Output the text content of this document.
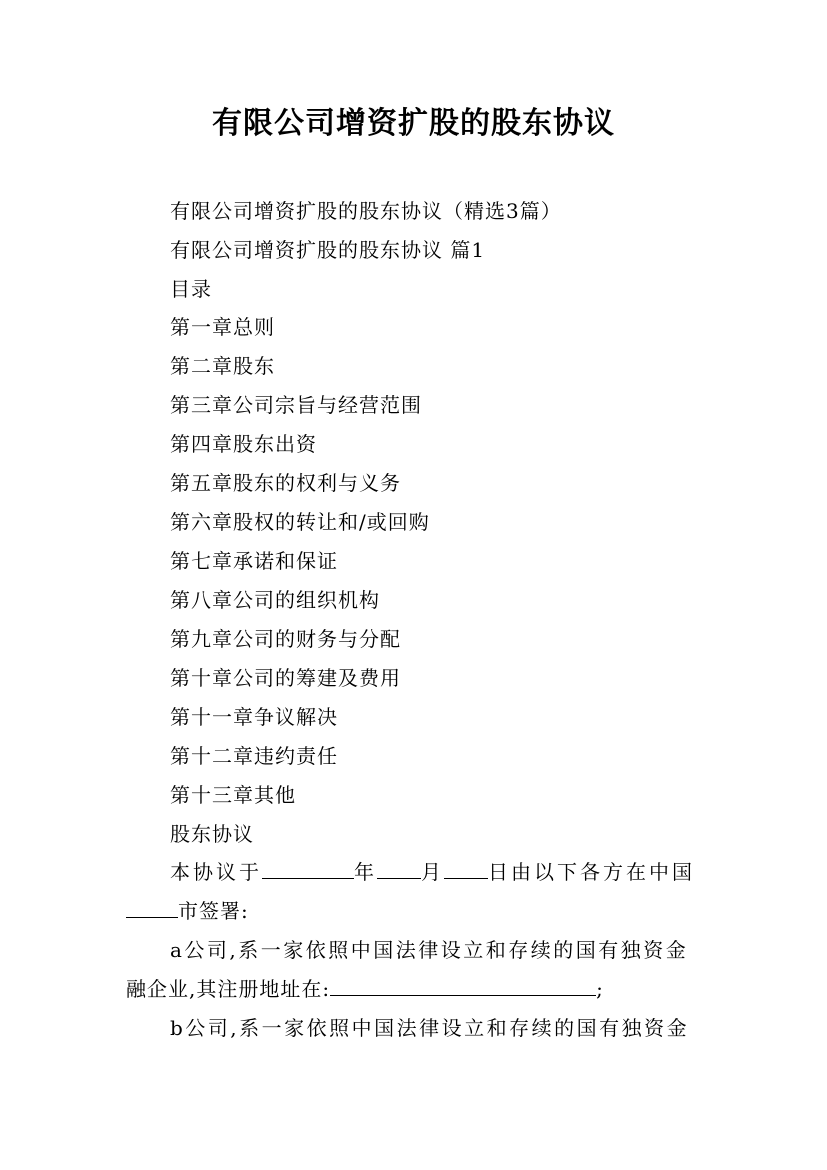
有限公司增资扩股的股东协议
有限公司增资扩股的股东协议（精选3篇）
有限公司增资扩股的股东协议 篇1
目录
第一章总则
第二章股东
第三章公司宗旨与经营范围
第四章股东出资
第五章股东的权利与义务
第六章股权的转让和/或回购
第七章承诺和保证
第八章公司的组织机构
第九章公司的财务与分配
第十章公司的筹建及费用
第十一章争议解决
第十二章违约责任
第十三章其他
股东协议
本协议于	年 月 日由以下各方在中国
市签署:
a公司,系一家依照中国法律设立和存续的国有独资金
融企业,其注册地址在:	;
b公司,系一家依照中国法律设立和存续的国有独资金
